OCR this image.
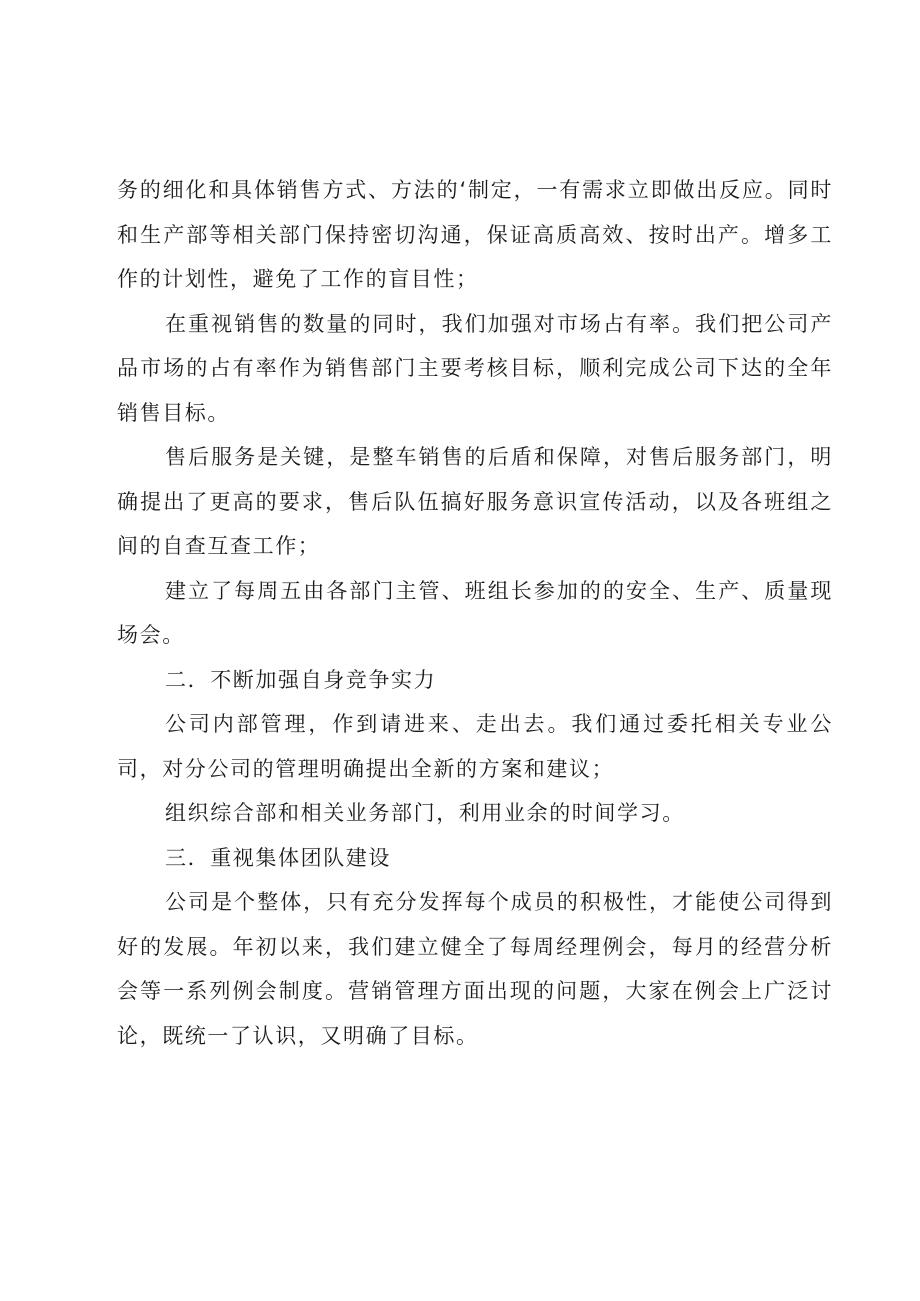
务的细化和具体销售方式、方法的‘制定，一有需求立即做出反应。同时和生产部等相关部门保持密切沟通，保证高质高效、按时出产。增多工作的计划性，避免了工作的盲目性；

在重视销售的数量的同时，我们加强对市场占有率。我们把公司产品市场的占有率作为销售部门主要考核目标，顺利完成公司下达的全年销售目标。

售后服务是关键，是整车销售的后盾和保障，对售后服务部门，明确提出了更高的要求，售后队伍搞好服务意识宣传活动，以及各班组之间的自查互查工作；

建立了每周五由各部门主管、班组长参加的的安全、生产、质量现场会。

二．不断加强自身竞争实力

公司内部管理，作到请进来、走出去。我们通过委托相关专业公司，对分公司的管理明确提出全新的方案和建议；

组织综合部和相关业务部门，利用业余的时间学习。

三．重视集体团队建设

公司是个整体，只有充分发挥每个成员的积极性，才能使公司得到好的发展。年初以来，我们建立健全了每周经理例会，每月的经营分析会等一系列例会制度。营销管理方面出现的问题，大家在例会上广泛讨论，既统一了认识，又明确了目标。
